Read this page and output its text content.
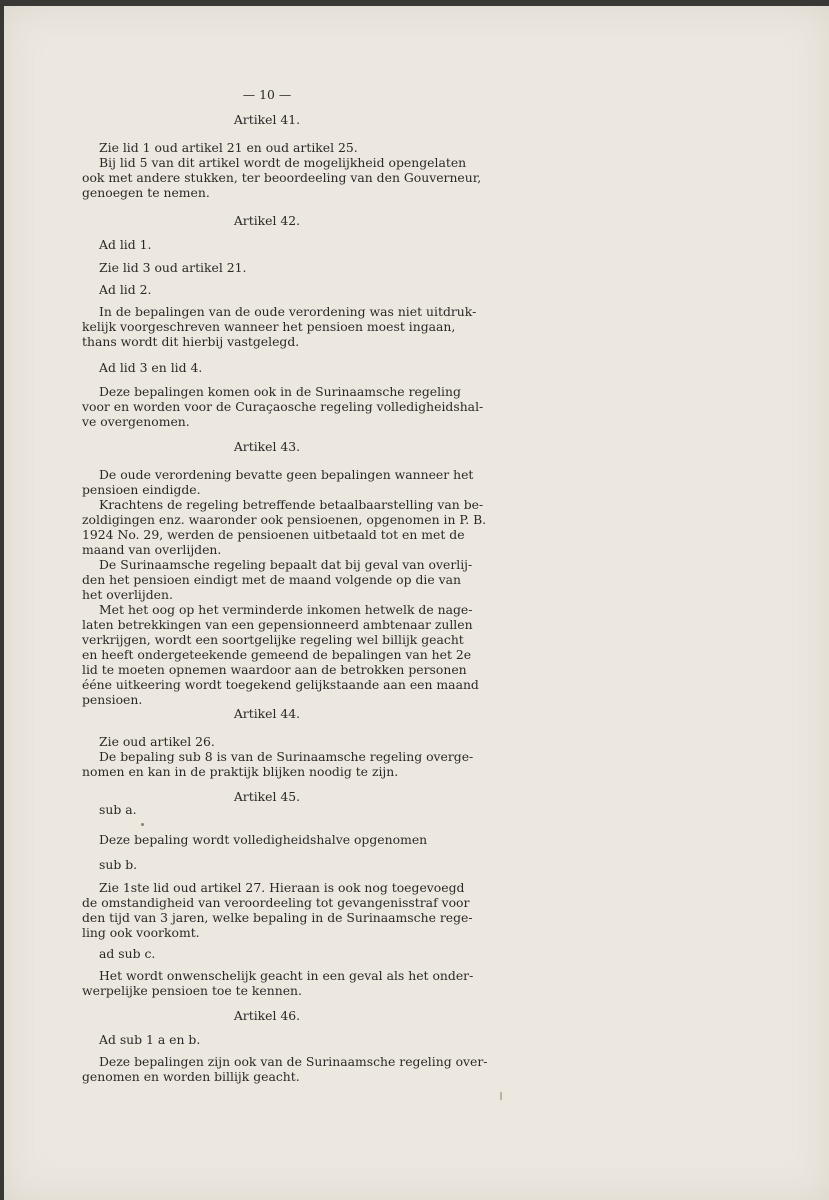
— 10 —
Artikel 41.
Zie lid 1 oud artikel 21 en oud artikel 25.
Bij lid 5 van dit artikel wordt de mogelijkheid opengelaten
ook met andere stukken, ter beoordeeling van den Gouverneur,
genoegen te nemen.
Artikel 42.
Ad lid 1.
Zie lid 3 oud artikel 21.
Ad lid 2.
In de bepalingen van de oude verordening was niet uitdruk-
kelijk voorgeschreven wanneer het pensioen moest ingaan,
thans wordt dit hierbij vastgelegd.
Ad lid 3 en lid 4.
Deze bepalingen komen ook in de Surinaamsche regeling
voor en worden voor de Curaçaosche regeling volledigheidshal-
ve overgenomen.
Artikel 43.
De oude verordening bevatte geen bepalingen wanneer het
pensioen eindigde.
Krachtens de regeling betreffende betaalbaarstelling van be-
zoldigingen enz. waaronder ook pensioenen, opgenomen in P. B.
1924 No. 29, werden de pensioenen uitbetaald tot en met de
maand van overlijden.
De Surinaamsche regeling bepaalt dat bij geval van overlij-
den het pensioen eindigt met de maand volgende op die van
het overlijden.
Met het oog op het verminderde inkomen hetwelk de nage-
laten betrekkingen van een gepensionneerd ambtenaar zullen
verkrijgen, wordt een soortgelijke regeling wel billijk geacht
en heeft ondergeteekende gemeend de bepalingen van het 2e
lid te moeten opnemen waardoor aan de betrokken personen
éénе uitkeering wordt toegekend gelijkstaande aan een maand
pensioen.
Artikel 44.
Zie oud artikel 26.
De bepaling sub 8 is van de Surinaamsche regeling overge-
nomen en kan in de praktijk blijken noodig te zijn.
Artikel 45.
sub a.
Deze bepaling wordt volledigheidshalve opgenomen
sub b.
Zie 1ste lid oud artikel 27. Hieraan is ook nog toegevoegd
de omstandigheid van veroordeeling tot gevangenisstraf voor
den tijd van 3 jaren, welke bepaling in de Surinaamsche rege-
ling ook voorkomt.
ad sub c.
Het wordt onwenschelijk geacht in een geval als het onder-
werpelijke pensioen toe te kennen.
Artikel 46.
Ad sub 1 a en b.
Deze bepalingen zijn ook van de Surinaamsche regeling over-
genomen en worden billijk geacht.
